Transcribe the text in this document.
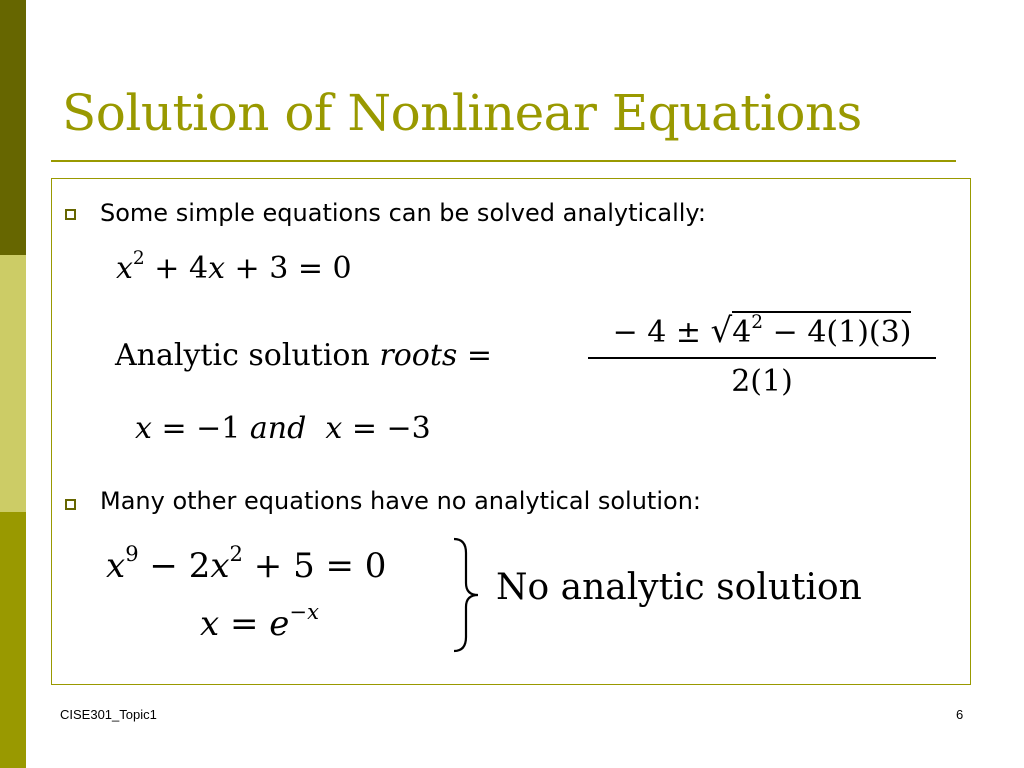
Solution of Nonlinear Equations
Some simple equations can be solved analytically:
$x^2 + 4x + 3 = 0$
Analytic solution roots =
− $4 \pm √4^2 - 4(1)(3)$
2(1)
x = −1 and x = −3
Many other equations have no analytical solution:
$x^9 - 2x^2 + 5 = 0$
$x = e^{-x}$
No analytic solution
CISE301_Topic1	6
